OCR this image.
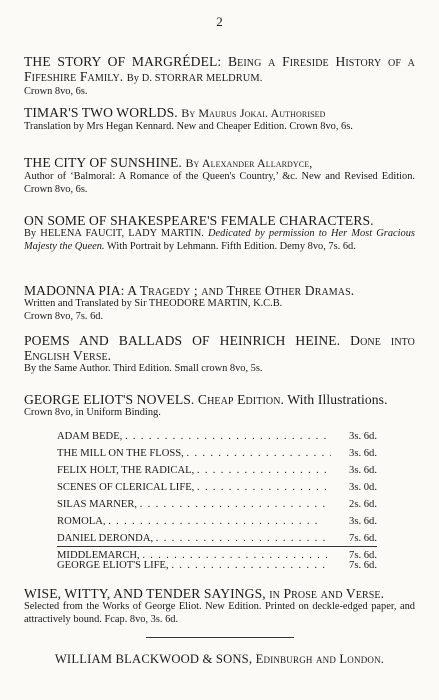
2
THE STORY OF MARGRÉDEL: Being a Fireside History of a Fifeshire Family. By D. STORRAR MELDRUM.
Crown 8vo, 6s.
TIMAR'S TWO WORLDS. By Maurus Jokai. Authorised
Translation by Mrs Hegan Kennard. New and Cheaper Edition. Crown 8vo, 6s.
THE CITY OF SUNSHINE. By Alexander Allardyce,
Author of ‘Balmoral: A Romance of the Queen's Country,’ &c. New and Revised Edition. Crown 8vo, 6s.
ON SOME OF SHAKESPEARE'S FEMALE CHARACTERS.
By HELENA FAUCIT, LADY MARTIN. Dedicated by permission to Her Most Gracious Majesty the Queen. With Portrait by Lehmann. Fifth Edition. Demy 8vo, 7s. 6d.
MADONNA PIA: A Tragedy ; and Three Other Dramas.
Written and Translated by Sir THEODORE MARTIN, K.C.B.
Crown 8vo, 7s. 6d.
POEMS AND BALLADS OF HEINRICH HEINE. Done into English Verse.
By the Same Author. Third Edition. Small crown 8vo, 5s.
GEORGE ELIOT'S NOVELS. Cheap Edition. With Illustrations.
Crown 8vo, in Uniform Binding.
ADAM BEDE, . .	3s. 6d.
THE MILL ON THE FLOSS, . .	3s. 6d.
FELIX HOLT, THE RADICAL, . .	3s. 6d.
SCENES OF CLERICAL LIFE, . .	3s. 0d.
SILAS MARNER, . .	2s. 6d.
ROMOLA, . .	3s. 6d.
DANIEL DERONDA, . .	7s. 6d.
MIDDLEMARCH, . .	7s. 6d.
GEORGE ELIOT'S LIFE, . .	7s. 6d.
WISE, WITTY, AND TENDER SAYINGS, in Prose and Verse.
Selected from the Works of George Eliot. New Edition. Printed on deckle-edged paper, and attractively bound. Fcap. 8vo, 3s. 6d.
WILLIAM BLACKWOOD & SONS, Edinburgh and London.
